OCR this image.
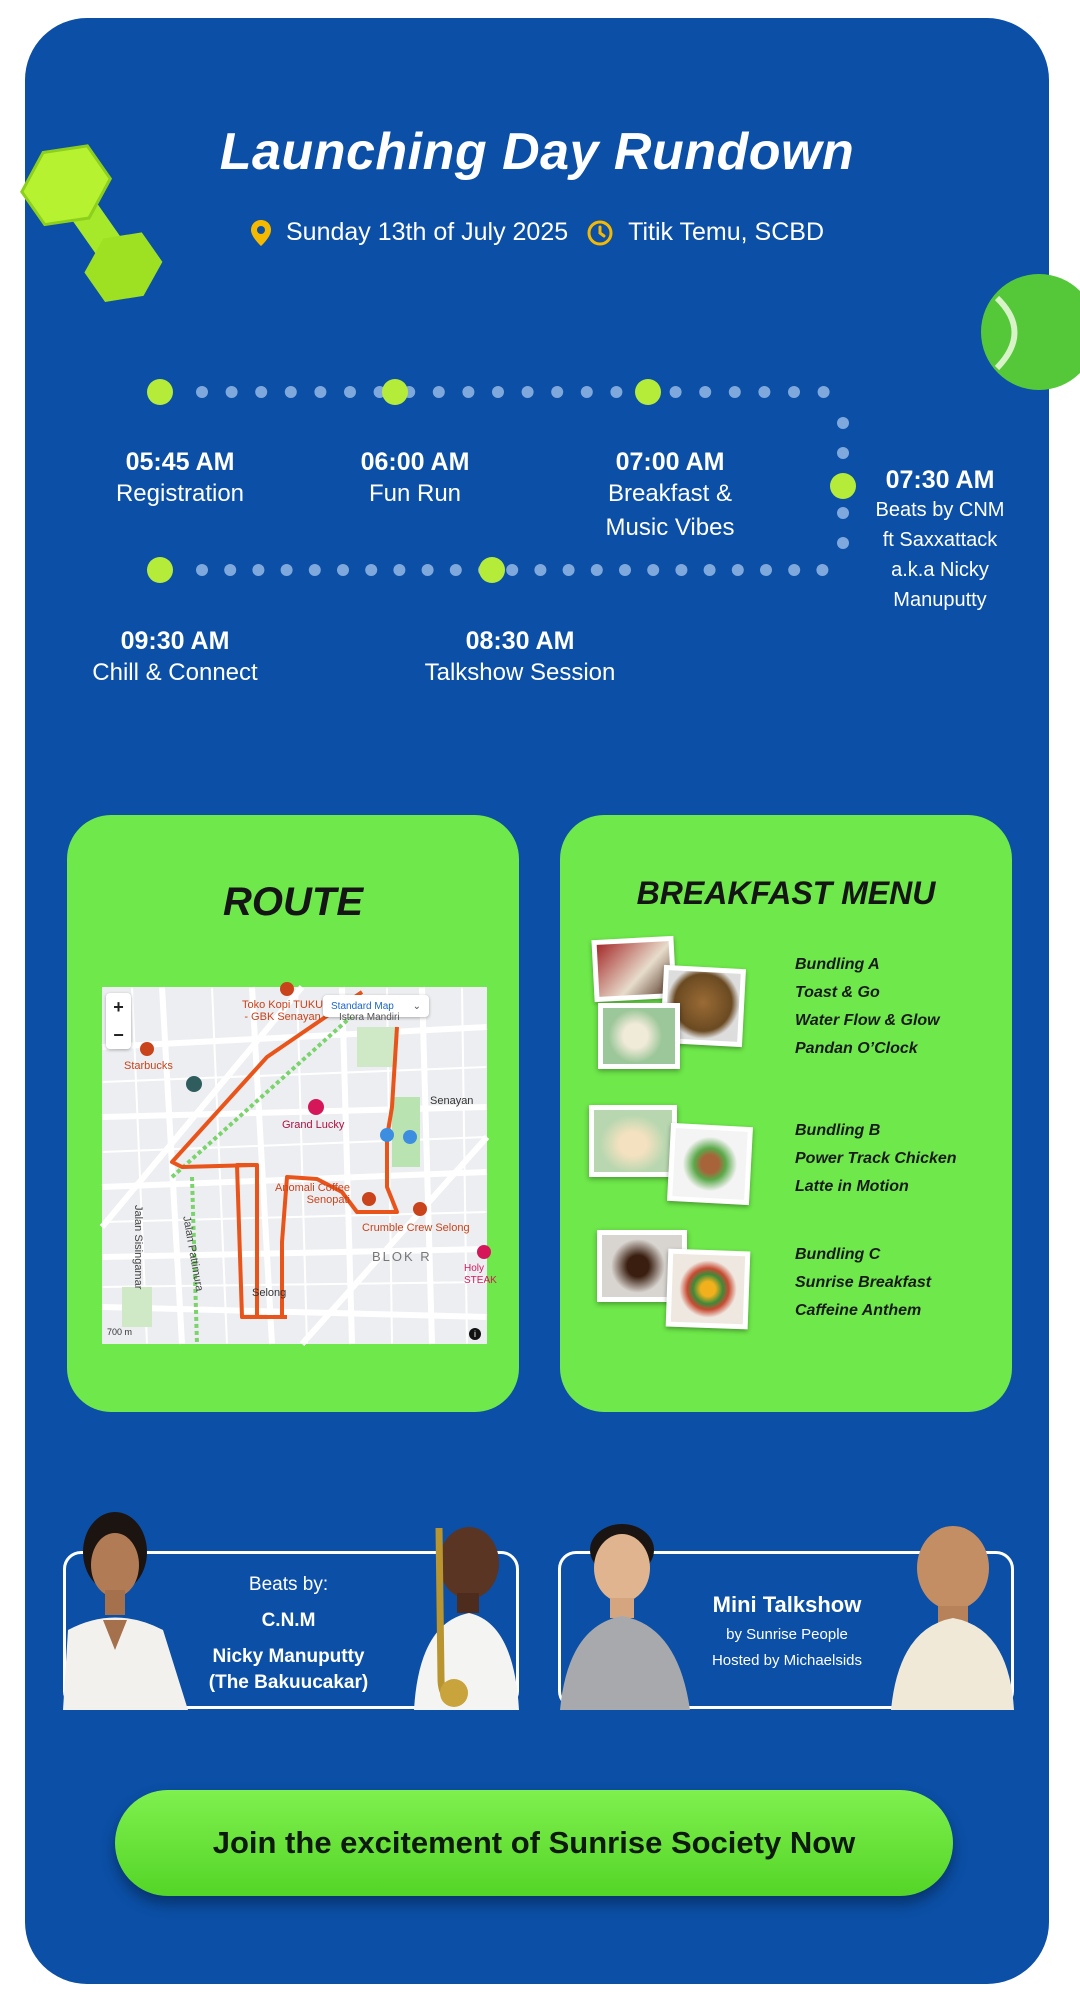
Launching Day Rundown
Sunday 13th of July 2025 Titik Temu, SCBD
05:45 AM
Registration
06:00 AM
Fun Run
07:00 AM
Breakfast &
Music Vibes
07:30 AM
Beats by CNM
ft Saxxattack
a.k.a Nicky
Manuputty
08:30 AM
Talkshow Session
09:30 AM
Chill & Connect
ROUTE
+
−
Standard Map ⌄
Toko Kopi TUKU
- GBK Senayan Istora Mandiri
Starbucks
Grand Lucky
Senayan
Anomali Coffee
Senopati
Crumble Crew Selong
BLOK R
Jalan Pattimura
Jalan Sisingamar
Selong
Holy
STEAK
700 m	i
BREAKFAST MENU
Bundling A
Toast & Go
Water Flow & Glow
Pandan O’Clock
Bundling B
Power Track Chicken
Latte in Motion
Bundling C
Sunrise Breakfast
Caffeine Anthem
Beats by:
C.N.M
Nicky Manuputty
(The Bakuucakar)
Mini Talkshow
by Sunrise People
Hosted by Michaelsids
Join the excitement of Sunrise Society Now
